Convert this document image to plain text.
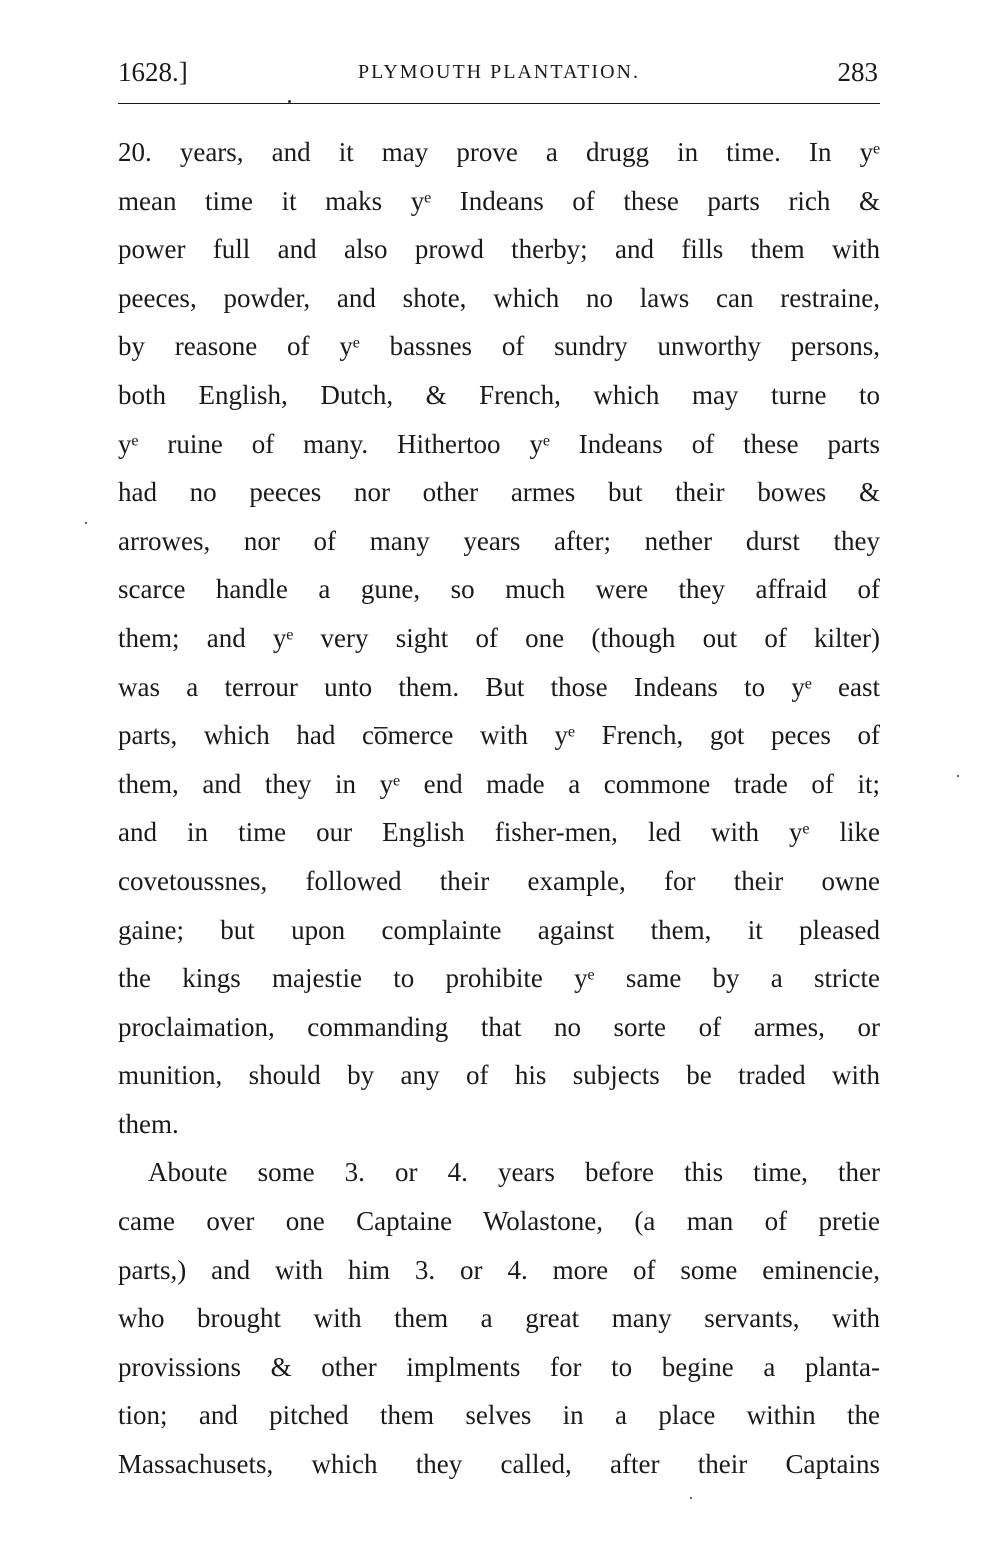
1628.]	PLYMOUTH PLANTATION.	283
20. years, and it may prove a drugg in time. In yᵉ
mean time it maks yᵉ Indeans of these parts rich &
power full and also prowd therby; and fills them with
peeces, powder, and shote, which no laws can restraine,
by reasone of yᵉ bassnes of sundry unworthy persons,
both English, Dutch, & French, which may turne to
yᵉ ruine of many. Hithertoo yᵉ Indeans of these parts
had no peeces nor other armes but their bowes &
arrowes, nor of many years after; nether durst they
scarce handle a gune, so much were they affraid of
them; and yᵉ very sight of one (though out of kilter)
was a terrour unto them. But those Indeans to yᵉ east
parts, which had co̅merce with yᵉ French, got peces of
them, and they in yᵉ end made a commone trade of it;
and in time our English fisher-men, led with yᵉ like
covetoussnes, followed their example, for their owne
gaine; but upon complainte against them, it pleased
the kings majestie to prohibite yᵉ same by a stricte
proclaimation, commanding that no sorte of armes, or
munition, should by any of his subjects be traded with
them.
Aboute some 3. or 4. years before this time, ther
came over one Captaine Wolastone, (a man of pretie
parts,) and with him 3. or 4. more of some eminencie,
who brought with them a great many servants, with
provissions & other implments for to begine a planta-
tion; and pitched them selves in a place within the
Massachusets, which they called, after their Captains
